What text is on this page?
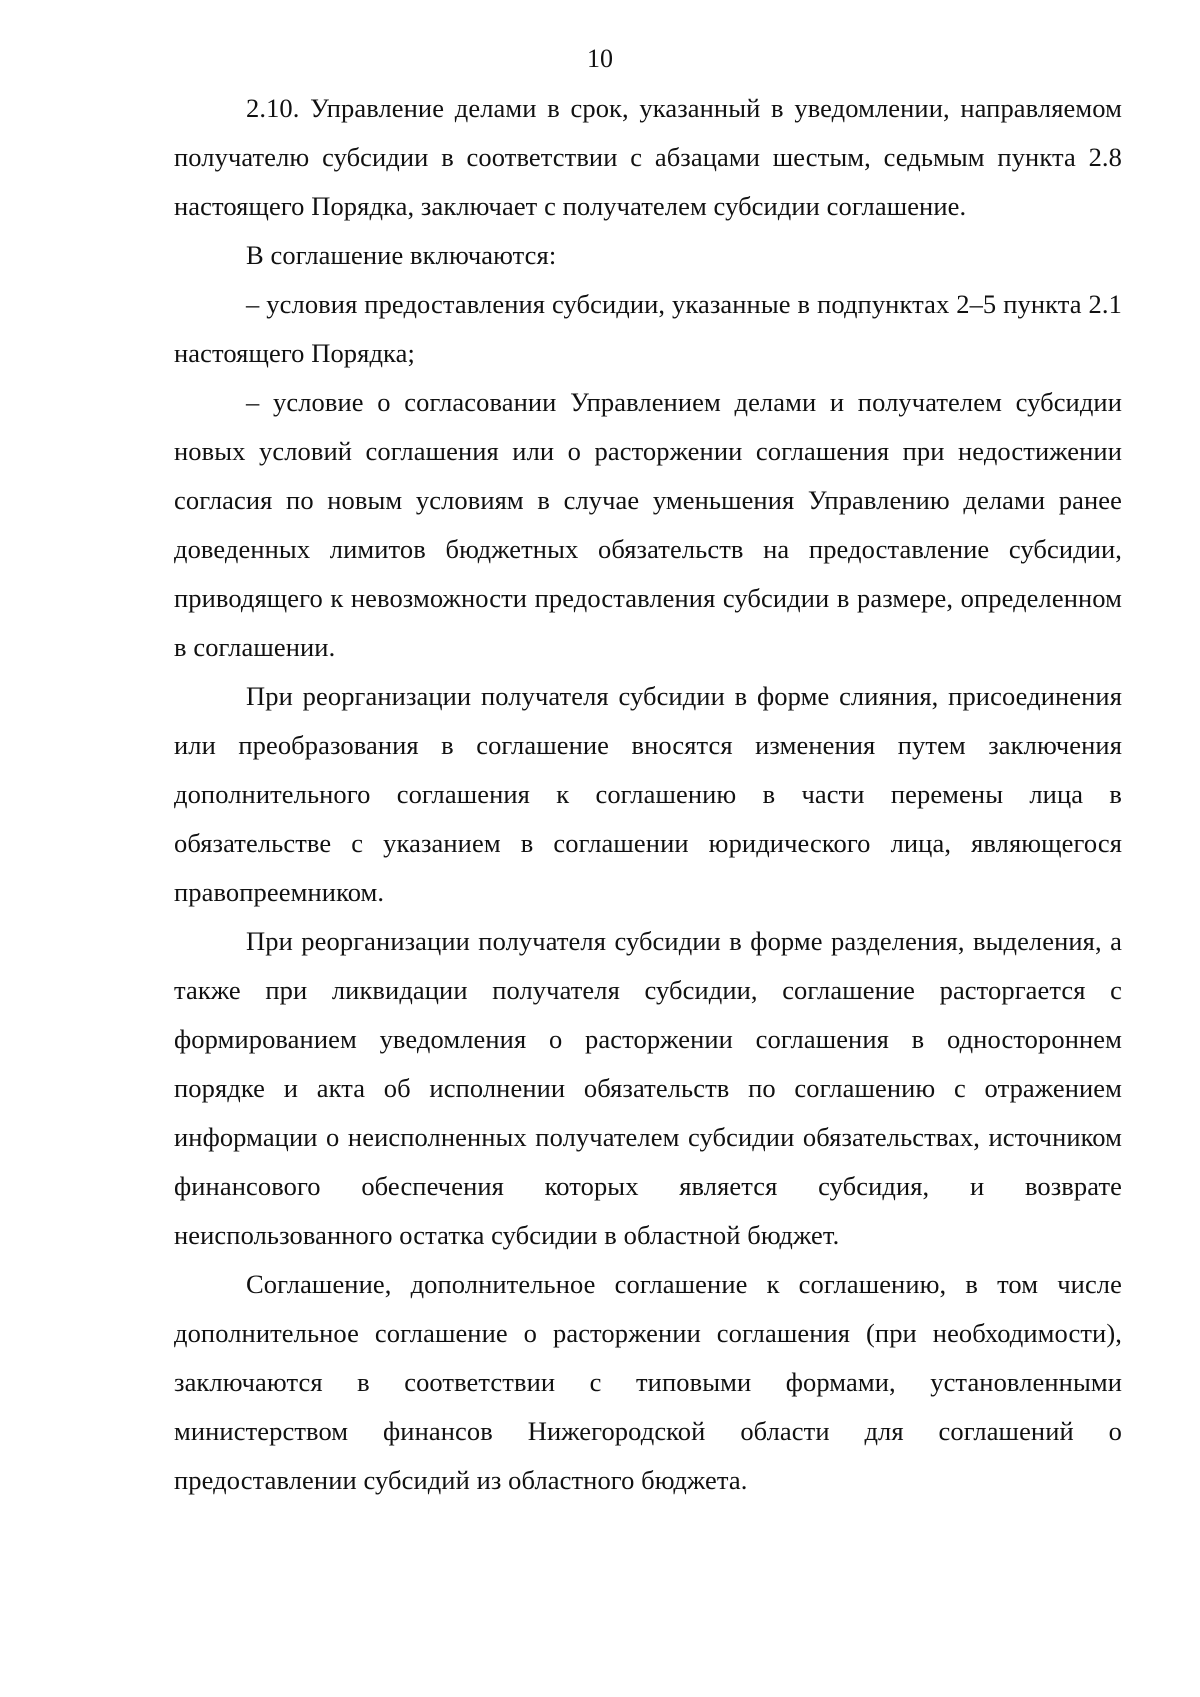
10

2.10. Управление делами в срок, указанный в уведомлении, направляемом получателю субсидии в соответствии с абзацами шестым, седьмым пункта 2.8 настоящего Порядка, заключает с получателем субсидии соглашение.

В соглашение включаются:

– условия предоставления субсидии, указанные в подпунктах 2–5 пункта 2.1 настоящего Порядка;

– условие о согласовании Управлением делами и получателем субсидии новых условий соглашения или о расторжении соглашения при недостижении согласия по новым условиям в случае уменьшения Управлению делами ранее доведенных лимитов бюджетных обязательств на предоставление субсидии, приводящего к невозможности предоставления субсидии в размере, определенном в соглашении.

При реорганизации получателя субсидии в форме слияния, присоединения или преобразования в соглашение вносятся изменения путем заключения дополнительного соглашения к соглашению в части перемены лица в обязательстве с указанием в соглашении юридического лица, являющегося правопреемником.

При реорганизации получателя субсидии в форме разделения, выделения, а также при ликвидации получателя субсидии, соглашение расторгается с формированием уведомления о расторжении соглашения в одностороннем порядке и акта об исполнении обязательств по соглашению с отражением информации о неисполненных получателем субсидии обязательствах, источником финансового обеспечения которых является субсидия, и возврате неиспользованного остатка субсидии в областной бюджет.

Соглашение, дополнительное соглашение к соглашению, в том числе дополнительное соглашение о расторжении соглашения (при необходимости), заключаются в соответствии с типовыми формами, установленными министерством финансов Нижегородской области для соглашений о предоставлении субсидий из областного бюджета.
